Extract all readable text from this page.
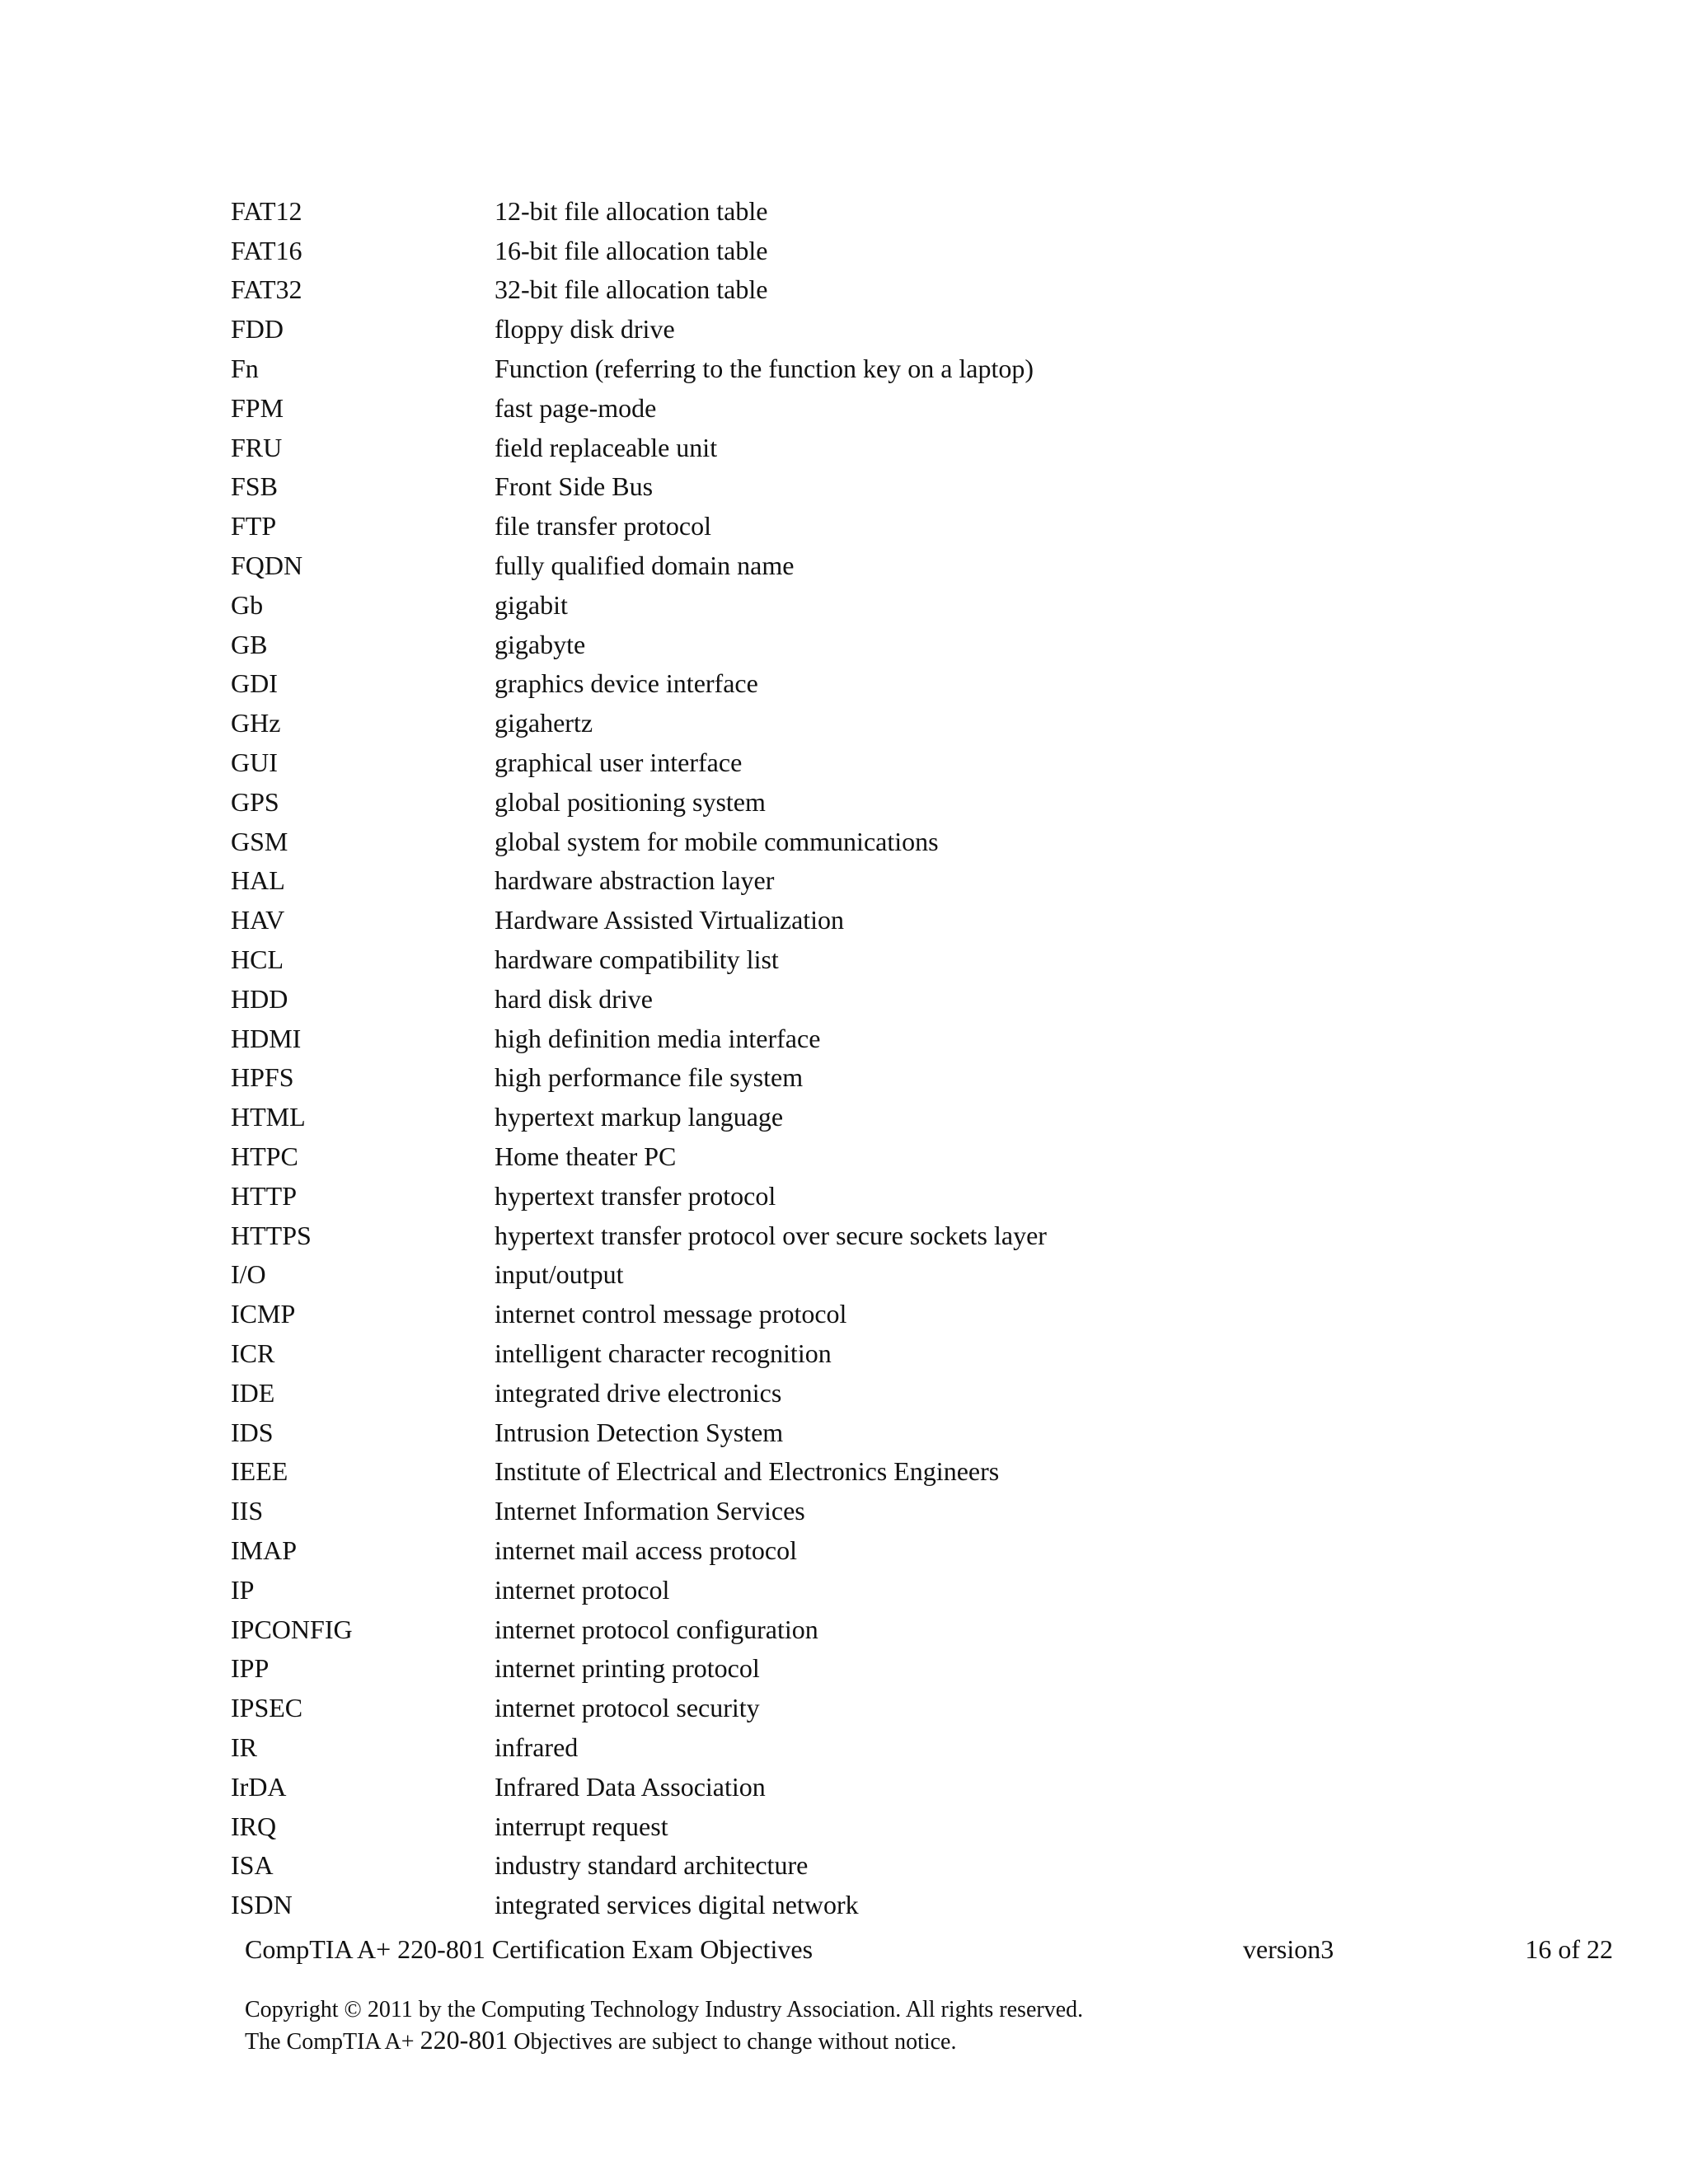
FAT12	12-bit file allocation table
FAT16	16-bit file allocation table
FAT32	32-bit file allocation table
FDD	floppy disk drive
Fn	Function (referring to the function key on a laptop)
FPM	fast page-mode
FRU	field replaceable unit
FSB	Front Side Bus
FTP	file transfer protocol
FQDN	fully qualified domain name
Gb	gigabit
GB	gigabyte
GDI	graphics device interface
GHz	gigahertz
GUI	graphical user interface
GPS	global positioning system
GSM	global system for mobile communications
HAL	hardware abstraction layer
HAV	Hardware Assisted Virtualization
HCL	hardware compatibility list
HDD	hard disk drive
HDMI	high definition media interface
HPFS	high performance file system
HTML	hypertext markup language
HTPC	Home theater PC
HTTP	hypertext transfer protocol
HTTPS	hypertext transfer protocol over secure sockets layer
I/O	input/output
ICMP	internet control message protocol
ICR	intelligent character recognition
IDE	integrated drive electronics
IDS	Intrusion Detection System
IEEE	Institute of Electrical and Electronics Engineers
IIS	Internet Information Services
IMAP	internet mail access protocol
IP	internet protocol
IPCONFIG	internet protocol configuration
IPP	internet printing protocol
IPSEC	internet protocol security
IR	infrared
IrDA	Infrared Data Association
IRQ	interrupt request
ISA	industry standard architecture
ISDN	integrated services digital network
CompTIA A+ 220-801 Certification Exam Objectives	version3	16 of 22
Copyright © 2011 by the Computing Technology Industry Association. All rights reserved.
The CompTIA A+ 220-801 Objectives are subject to change without notice.
